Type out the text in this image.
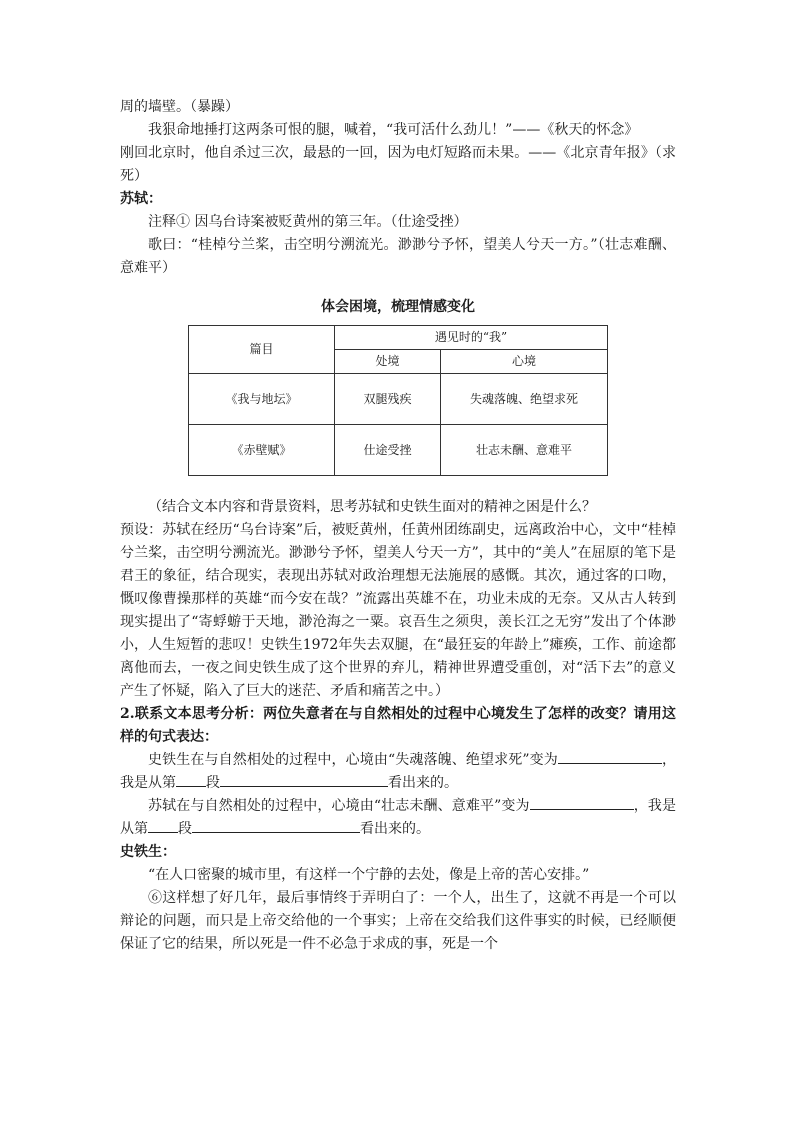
周的墙壁。（暴躁）

我狠命地捶打这两条可恨的腿，喊着，“我可活什么劲儿！”——《秋天的怀念》

刚回北京时，他自杀过三次，最悬的一回，因为电灯短路而未果。——《北京青年报》（求死）

苏轼：

注释① 因乌台诗案被贬黄州的第三年。（仕途受挫）

歌曰：“桂棹兮兰桨，击空明兮溯流光。渺渺兮予怀，望美人兮天一方。”（壮志难酬、意难平）

体会困境，梳理情感变化
篇目	遇见时的“我”	
	处境	心境
《我与地坛》	双腿残疾	失魂落魄、绝望求死
《赤壁赋》	仕途受挫	壮志未酬、意难平

（结合文本内容和背景资料，思考苏轼和史铁生面对的精神之困是什么？

预设：苏轼在经历“乌台诗案”后，被贬黄州，任黄州团练副史，远离政治中心，文中“桂棹兮兰桨，击空明兮溯流光。渺渺兮予怀，望美人兮天一方”，其中的“美人”在屈原的笔下是君王的象征，结合现实，表现出苏轼对政治理想无法施展的感慨。其次，通过客的口吻，慨叹像曹操那样的英雄“而今安在哉？”流露出英雄不在，功业未成的无奈。又从古人转到现实提出了“寄蜉蝣于天地，渺沧海之一粟。哀吾生之须臾，羡长江之无穷”发出了个体渺小，人生短暂的悲叹！史铁生1972年失去双腿，在“最狂妄的年龄上”瘫痪，工作、前途都离他而去，一夜之间史铁生成了这个世界的弃儿，精神世界遭受重创，对“活下去”的意义产生了怀疑，陷入了巨大的迷茫、矛盾和痛苦之中。）

2.联系文本思考分析：两位失意者在与自然相处的过程中心境发生了怎样的改变？请用这样的句式表达：

史铁生在与自然相处的过程中，心境由“失魂落魄、绝望求死”变为	，我是从第 段	看出来的。

苏轼在与自然相处的过程中，心境由“壮志未酬、意难平”变为	，我是从第 段	看出来的。

史铁生：

“在人口密聚的城市里，有这样一个宁静的去处，像是上帝的苦心安排。”

⑥这样想了好几年，最后事情终于弄明白了：一个人，出生了，这就不再是一个可以辩论的问题，而只是上帝交给他的一个事实；上帝在交给我们这件事实的时候，已经顺便保证了它的结果，所以死是一件不必急于求成的事，死是一个
